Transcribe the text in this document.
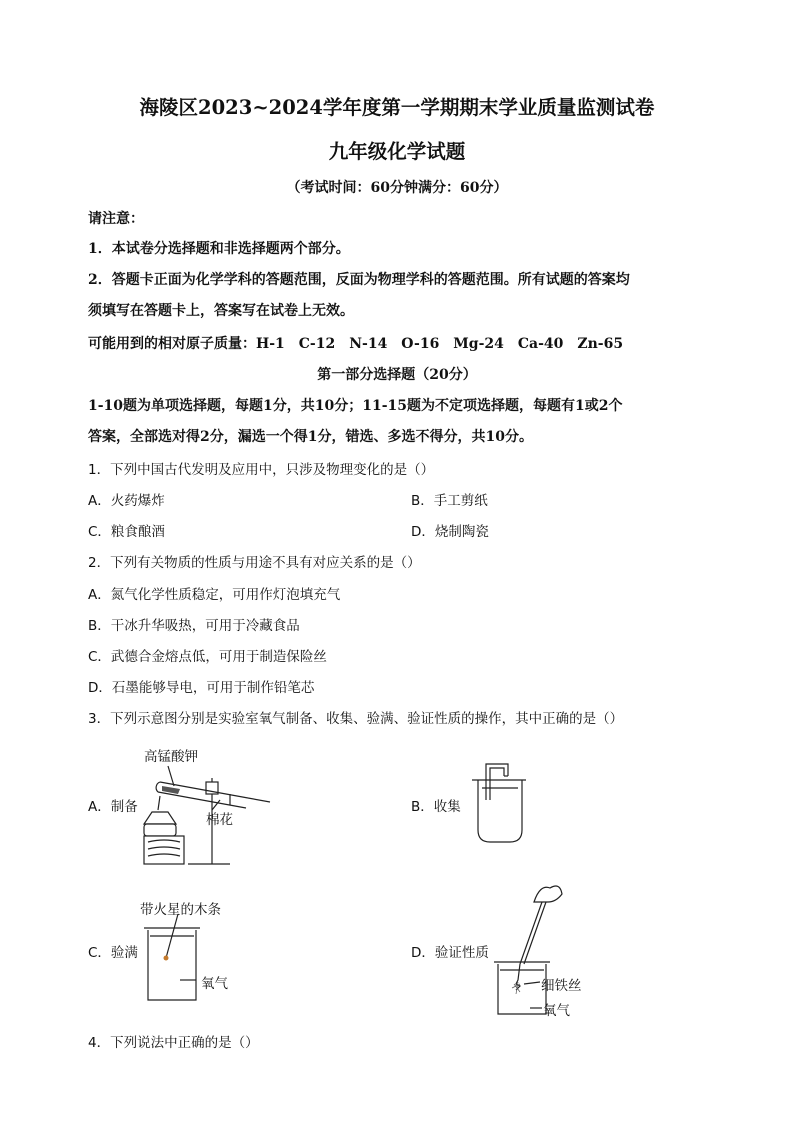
海陵区2023~2024学年度第一学期期末学业质量监测试卷
九年级化学试题
（考试时间：60分钟满分：60分）
请注意：
1．本试卷分选择题和非选择题两个部分。
2．答题卡正面为化学学科的答题范围，反面为物理学科的答题范围。所有试题的答案均
须填写在答题卡上，答案写在试卷上无效。
可能用到的相对原子质量：H-1　C-12　N-14　O-16　Mg-24　Ca-40　Zn-65
第一部分选择题（20分）
1-10题为单项选择题，每题1分，共10分；11-15题为不定项选择题，每题有1或2个
答案，全部选对得2分，漏选一个得1分，错选、多选不得分，共10分。
1．下列中国古代发明及应用中，只涉及物理变化的是（）
A．火药爆炸	B．手工剪纸
C．粮食酿酒	D．烧制陶瓷
2．下列有关物质的性质与用途不具有对应关系的是（）
A．氮气化学性质稳定，可用作灯泡填充气
B．干冰升华吸热，可用于冷藏食品
C．武德合金熔点低，可用于制造保险丝
D．石墨能够导电，可用于制作铅笔芯
3．下列示意图分别是实验室氧气制备、收集、验满、验证性质的操作，其中正确的是（）
A．制备	B．收集
C．验满	D．验证性质
高锰酸钾
棉花
带火星的木条
氧气	细铁丝
氧气
4．下列说法中正确的是（）
